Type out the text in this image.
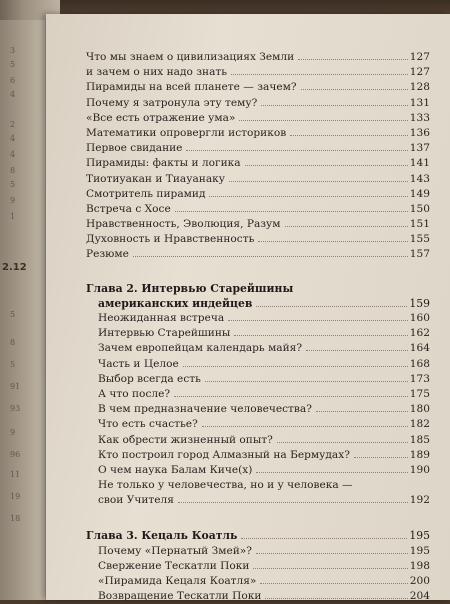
2.12
3
5
6
4
2
4
4
8
5
9
1
5
8
5
91
93
9
96
11
19
18
Что мы знаем о цивилизациях Земли	127
и зачем о них надо знать	127
Пирамиды на всей планете — зачем?	128
Почему я затронула эту тему?	131
«Все есть отражение ума»	133
Математики опровергли историков	136
Первое свидание	137
Пирамиды: факты и логика	141
Тиотиуакан и Тиауанаку	143
Смотритель пирамид	149
Встреча с Хосе	150
Нравственность, Эволюция, Разум	151
Духовность и Нравственность	155
Резюме	157
Глава 2. Интервью Старейшины
американских индейцев	159
Неожиданная встреча	160
Интервью Старейшины	162
Зачем европейцам календарь майя?	164
Часть и Целое	168
Выбор всегда есть	173
А что после?	175
В чем предназначение человечества?	180
Что есть счастье?	182
Как обрести жизненный опыт?	185
Кто построил город Алмазный на Бермудах?	189
О чем наука Балам Киче(х)	190
Не только у человечества, но и у человека —
свои Учителя	192
Глава 3. Кецаль Коатль	195
Почему «Пернатый Змей»?	195
Свержение Тескатли Поки	198
«Пирамида Кецаля Коатля»	200
Возвращение Тескатли Поки	204
